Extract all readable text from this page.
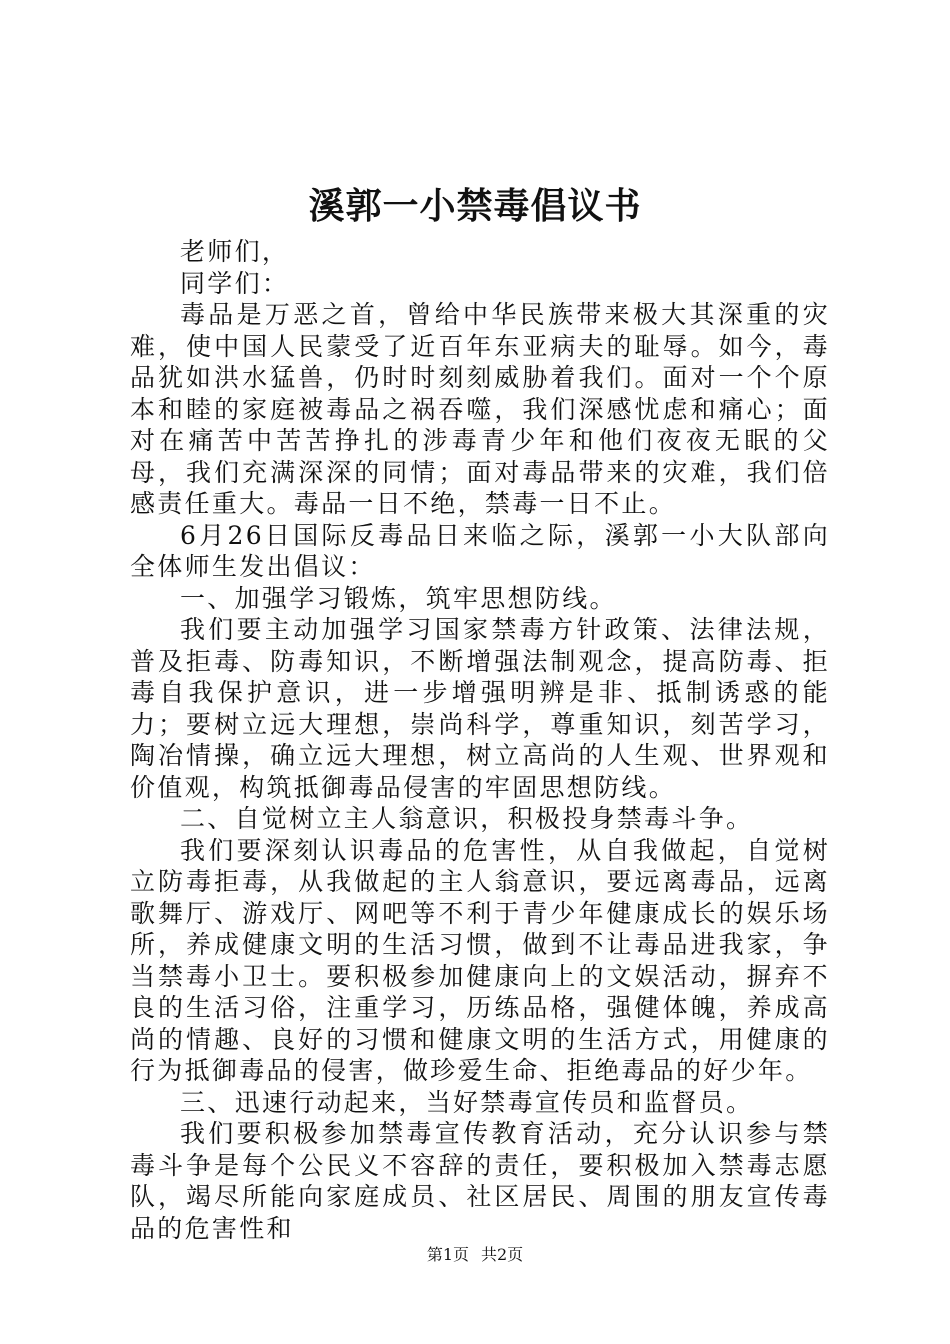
溪郭一小禁毒倡议书

老师们，

同学们：

毒品是万恶之首，曾给中华民族带来极大其深重的灾难，使中国人民蒙受了近百年东亚病夫的耻辱。如今，毒品犹如洪水猛兽，仍时时刻刻威胁着我们。面对一个个原本和睦的家庭被毒品之祸吞噬，我们深感忧虑和痛心；面对在痛苦中苦苦挣扎的涉毒青少年和他们夜夜无眠的父母，我们充满深深的同情；面对毒品带来的灾难，我们倍感责任重大。毒品一日不绝，禁毒一日不止。

6月26日国际反毒品日来临之际，溪郭一小大队部向全体师生发出倡议：

一、加强学习锻炼，筑牢思想防线。

我们要主动加强学习国家禁毒方针政策、法律法规，普及拒毒、防毒知识，不断增强法制观念，提高防毒、拒毒自我保护意识，进一步增强明辨是非、抵制诱惑的能力；要树立远大理想，崇尚科学，尊重知识，刻苦学习，陶冶情操，确立远大理想，树立高尚的人生观、世界观和价值观，构筑抵御毒品侵害的牢固思想防线。

二、自觉树立主人翁意识，积极投身禁毒斗争。

我们要深刻认识毒品的危害性，从自我做起，自觉树立防毒拒毒，从我做起的主人翁意识，要远离毒品，远离歌舞厅、游戏厅、网吧等不利于青少年健康成长的娱乐场所，养成健康文明的生活习惯，做到不让毒品进我家，争当禁毒小卫士。要积极参加健康向上的文娱活动，摒弃不良的生活习俗，注重学习，历练品格，强健体魄，养成高尚的情趣、良好的习惯和健康文明的生活方式，用健康的行为抵御毒品的侵害，做珍爱生命、拒绝毒品的好少年。

三、迅速行动起来，当好禁毒宣传员和监督员。

我们要积极参加禁毒宣传教育活动，充分认识参与禁毒斗争是每个公民义不容辞的责任，要积极加入禁毒志愿队，竭尽所能向家庭成员、社区居民、周围的朋友宣传毒品的危害性和

第1页 共2页
